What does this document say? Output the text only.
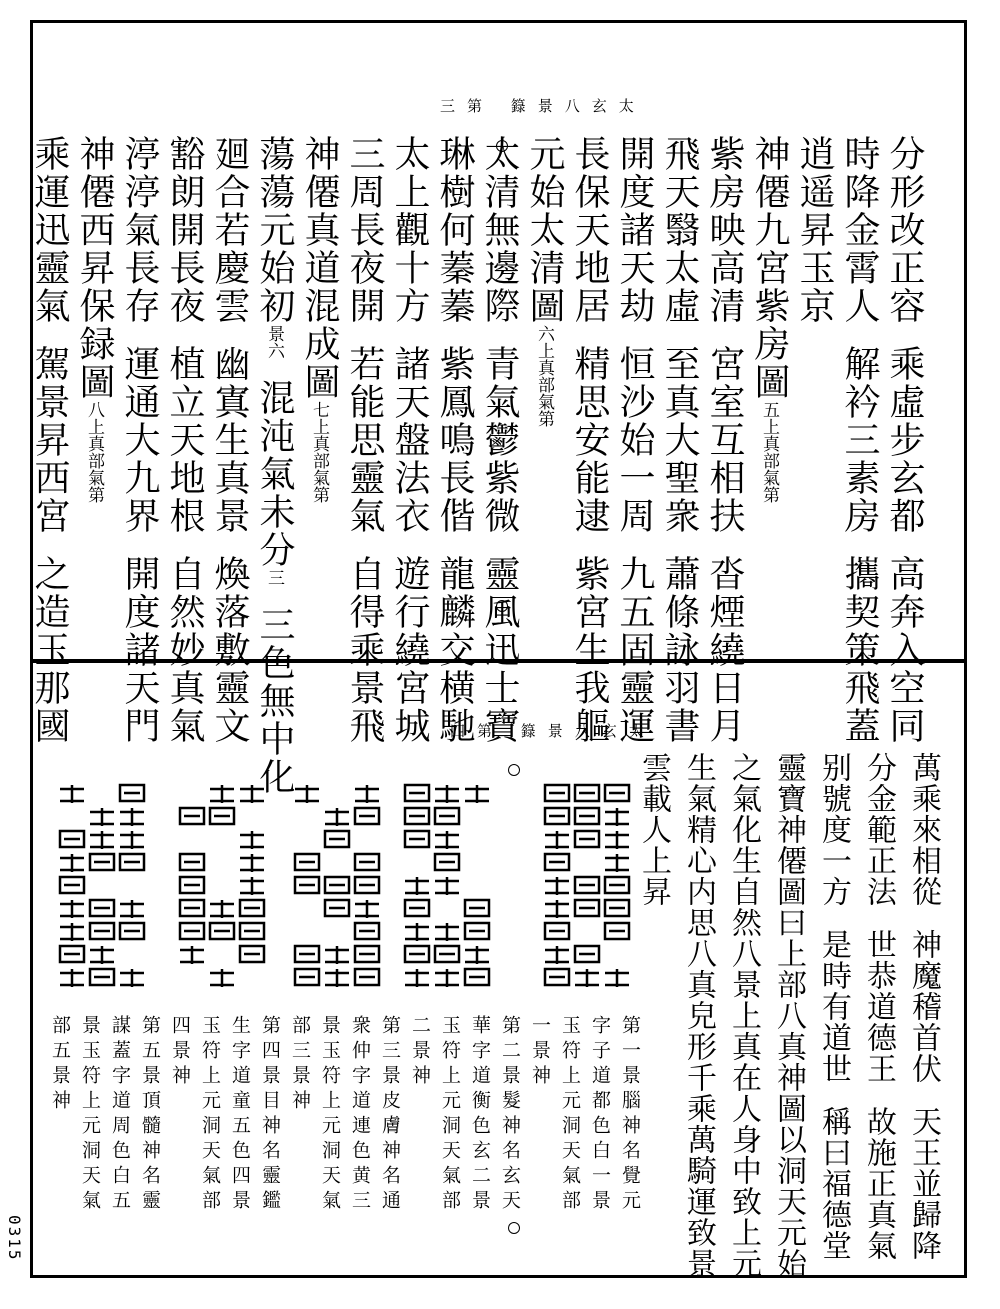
三第 籙景八玄太
四第 籙景八玄太
分形改正容乘虛步玄都高奔入空同
時降金霄人解衿三素房攜契策飛蓋
逍遥昇玉京
神僊九宮紫房圖五上真部氣第
紫房映高清宮室互相扶沓煙繞日月
飛天翳太虛至真大聖衆蕭條詠羽書
開度諸天劫恒沙始一周九五固靈運
長保天地居精思安能逮紫宮生我軀
元始太清圖六上真部氣第
太清無邊際青氣鬱紫微靈風迅士寶
琳樹何蓁蓁紫鳳鳴長偕龍麟交横馳
太上觀十方諸天盤法衣遊行繞宮城
三周長夜開若能思靈氣自得乘景飛
神僊真道混成圖七上真部氣第
蕩蕩元始初景六混沌氣未分三三色無中化
廻合若慶雲幽寘生真景煥落敷靈文
豁朗開長夜植立天地根自然妙真氣
渟渟氣長存運通大九界開度諸天門
神僊西昇保録圖八上真部氣第
乘運迅靈氣駕景昇西宮之造玉那國
萬乘來相從神魔稽首伏天王並歸降
分金範正法世恭道德王故施正真氣
别號度一方是時有道世稱曰福德堂
靈寶神僊圖曰上部八真神圖以洞天元始
之氣化生自然八景上真在人身中致上元
生氣精心内思八真皃形千乘萬騎運致景
雲載人上昇
第一景腦神名覺元
字子道都色白一景
玉符上元洞天氣部
一景神
第二景髮神名玄天
華字道衡色玄二景
玉符上元洞天氣部
二景神
第三景皮膚神名通
衆仲字道連色黄三
景玉符上元洞天氣
部三景神
第四景目神名靈鑑
生字道童五色四景
玉符上元洞天氣部
四景神
第五景頂髓神名靈
謀蓋字道周色白五
景玉符上元洞天氣
部五景神
0315
